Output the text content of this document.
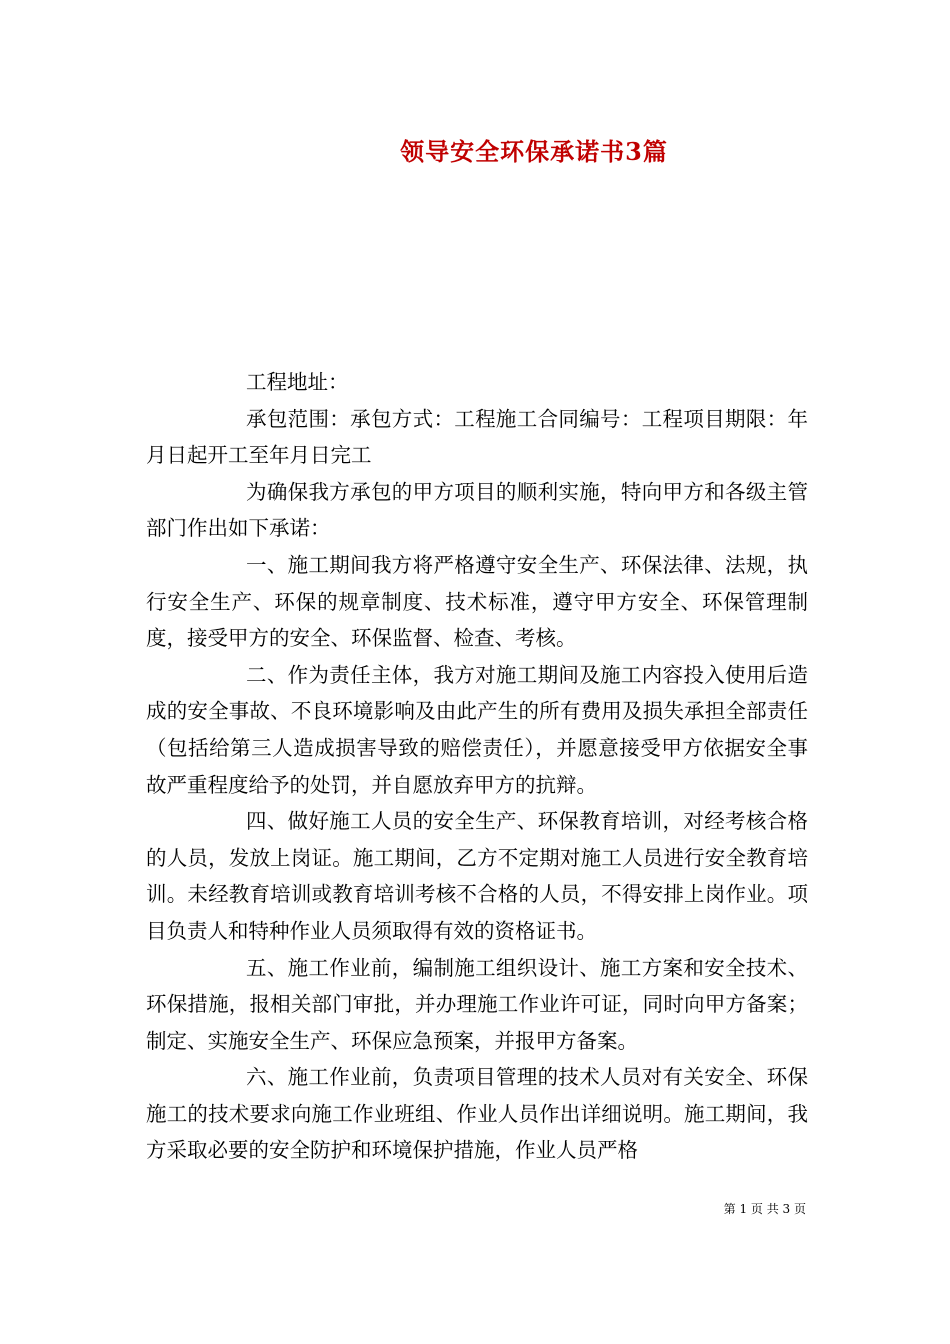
领导安全环保承诺书3篇

工程地址：

承包范围：承包方式：工程施工合同编号：工程项目期限：年月日起开工至年月日完工

为确保我方承包的甲方项目的顺利实施，特向甲方和各级主管部门作出如下承诺：

一、施工期间我方将严格遵守安全生产、环保法律、法规，执行安全生产、环保的规章制度、技术标准，遵守甲方安全、环保管理制度，接受甲方的安全、环保监督、检查、考核。

二、作为责任主体，我方对施工期间及施工内容投入使用后造成的安全事故、不良环境影响及由此产生的所有费用及损失承担全部责任（包括给第三人造成损害导致的赔偿责任），并愿意接受甲方依据安全事故严重程度给予的处罚，并自愿放弃甲方的抗辩。

四、做好施工人员的安全生产、环保教育培训，对经考核合格的人员，发放上岗证。施工期间，乙方不定期对施工人员进行安全教育培训。未经教育培训或教育培训考核不合格的人员，不得安排上岗作业。项目负责人和特种作业人员须取得有效的资格证书。

五、施工作业前，编制施工组织设计、施工方案和安全技术、环保措施，报相关部门审批，并办理施工作业许可证，同时向甲方备案；制定、实施安全生产、环保应急预案，并报甲方备案。

六、施工作业前，负责项目管理的技术人员对有关安全、环保施工的技术要求向施工作业班组、作业人员作出详细说明。施工期间，我方采取必要的安全防护和环境保护措施，作业人员严格

第 1 页 共 3 页
